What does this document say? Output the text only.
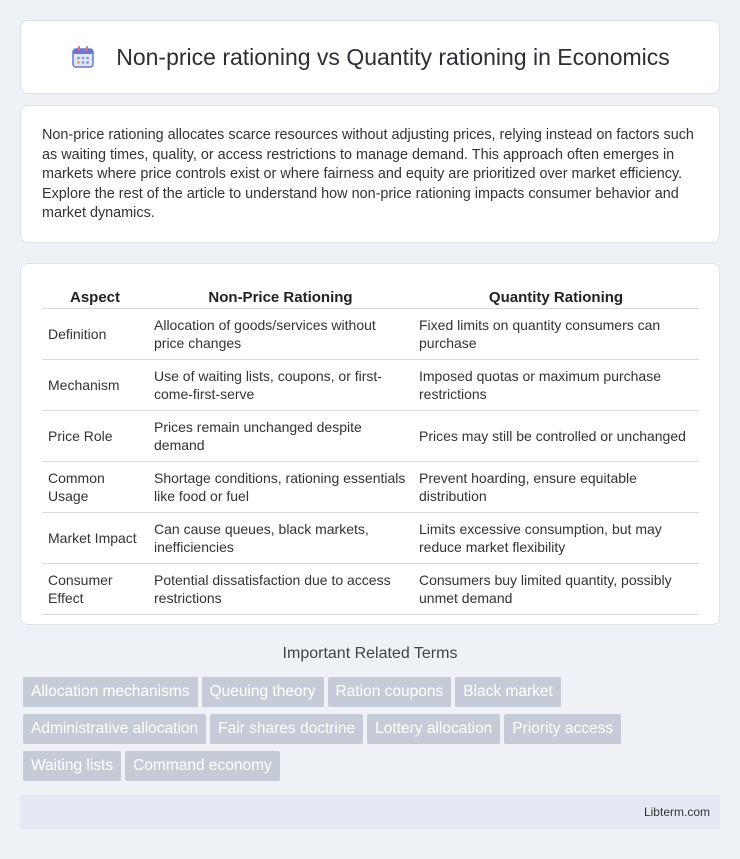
Non-price rationing vs Quantity rationing in Economics

Non-price rationing allocates scarce resources without adjusting prices, relying instead on factors such as waiting times, quality, or access restrictions to manage demand. This approach often emerges in markets where price controls exist or where fairness and equity are prioritized over market efficiency. Explore the rest of the article to understand how non-price rationing impacts consumer behavior and market dynamics.

Aspect	Non-Price Rationing	Quantity Rationing
Definition	Allocation of goods/services without price changes	Fixed limits on quantity consumers can purchase
Mechanism	Use of waiting lists, coupons, or first-come-first-serve	Imposed quotas or maximum purchase restrictions
Price Role	Prices remain unchanged despite demand	Prices may still be controlled or unchanged
Common Usage	Shortage conditions, rationing essentials like food or fuel	Prevent hoarding, ensure equitable distribution
Market Impact	Can cause queues, black markets, inefficiencies	Limits excessive consumption, but may reduce market flexibility
Consumer Effect	Potential dissatisfaction due to access restrictions	Consumers buy limited quantity, possibly unmet demand
Important Related Terms
Allocation mechanisms Queuing theory Ration coupons Black market
Administrative allocation Fair shares doctrine Lottery allocation Priority access
Waiting lists Command economy
Libterm.com
